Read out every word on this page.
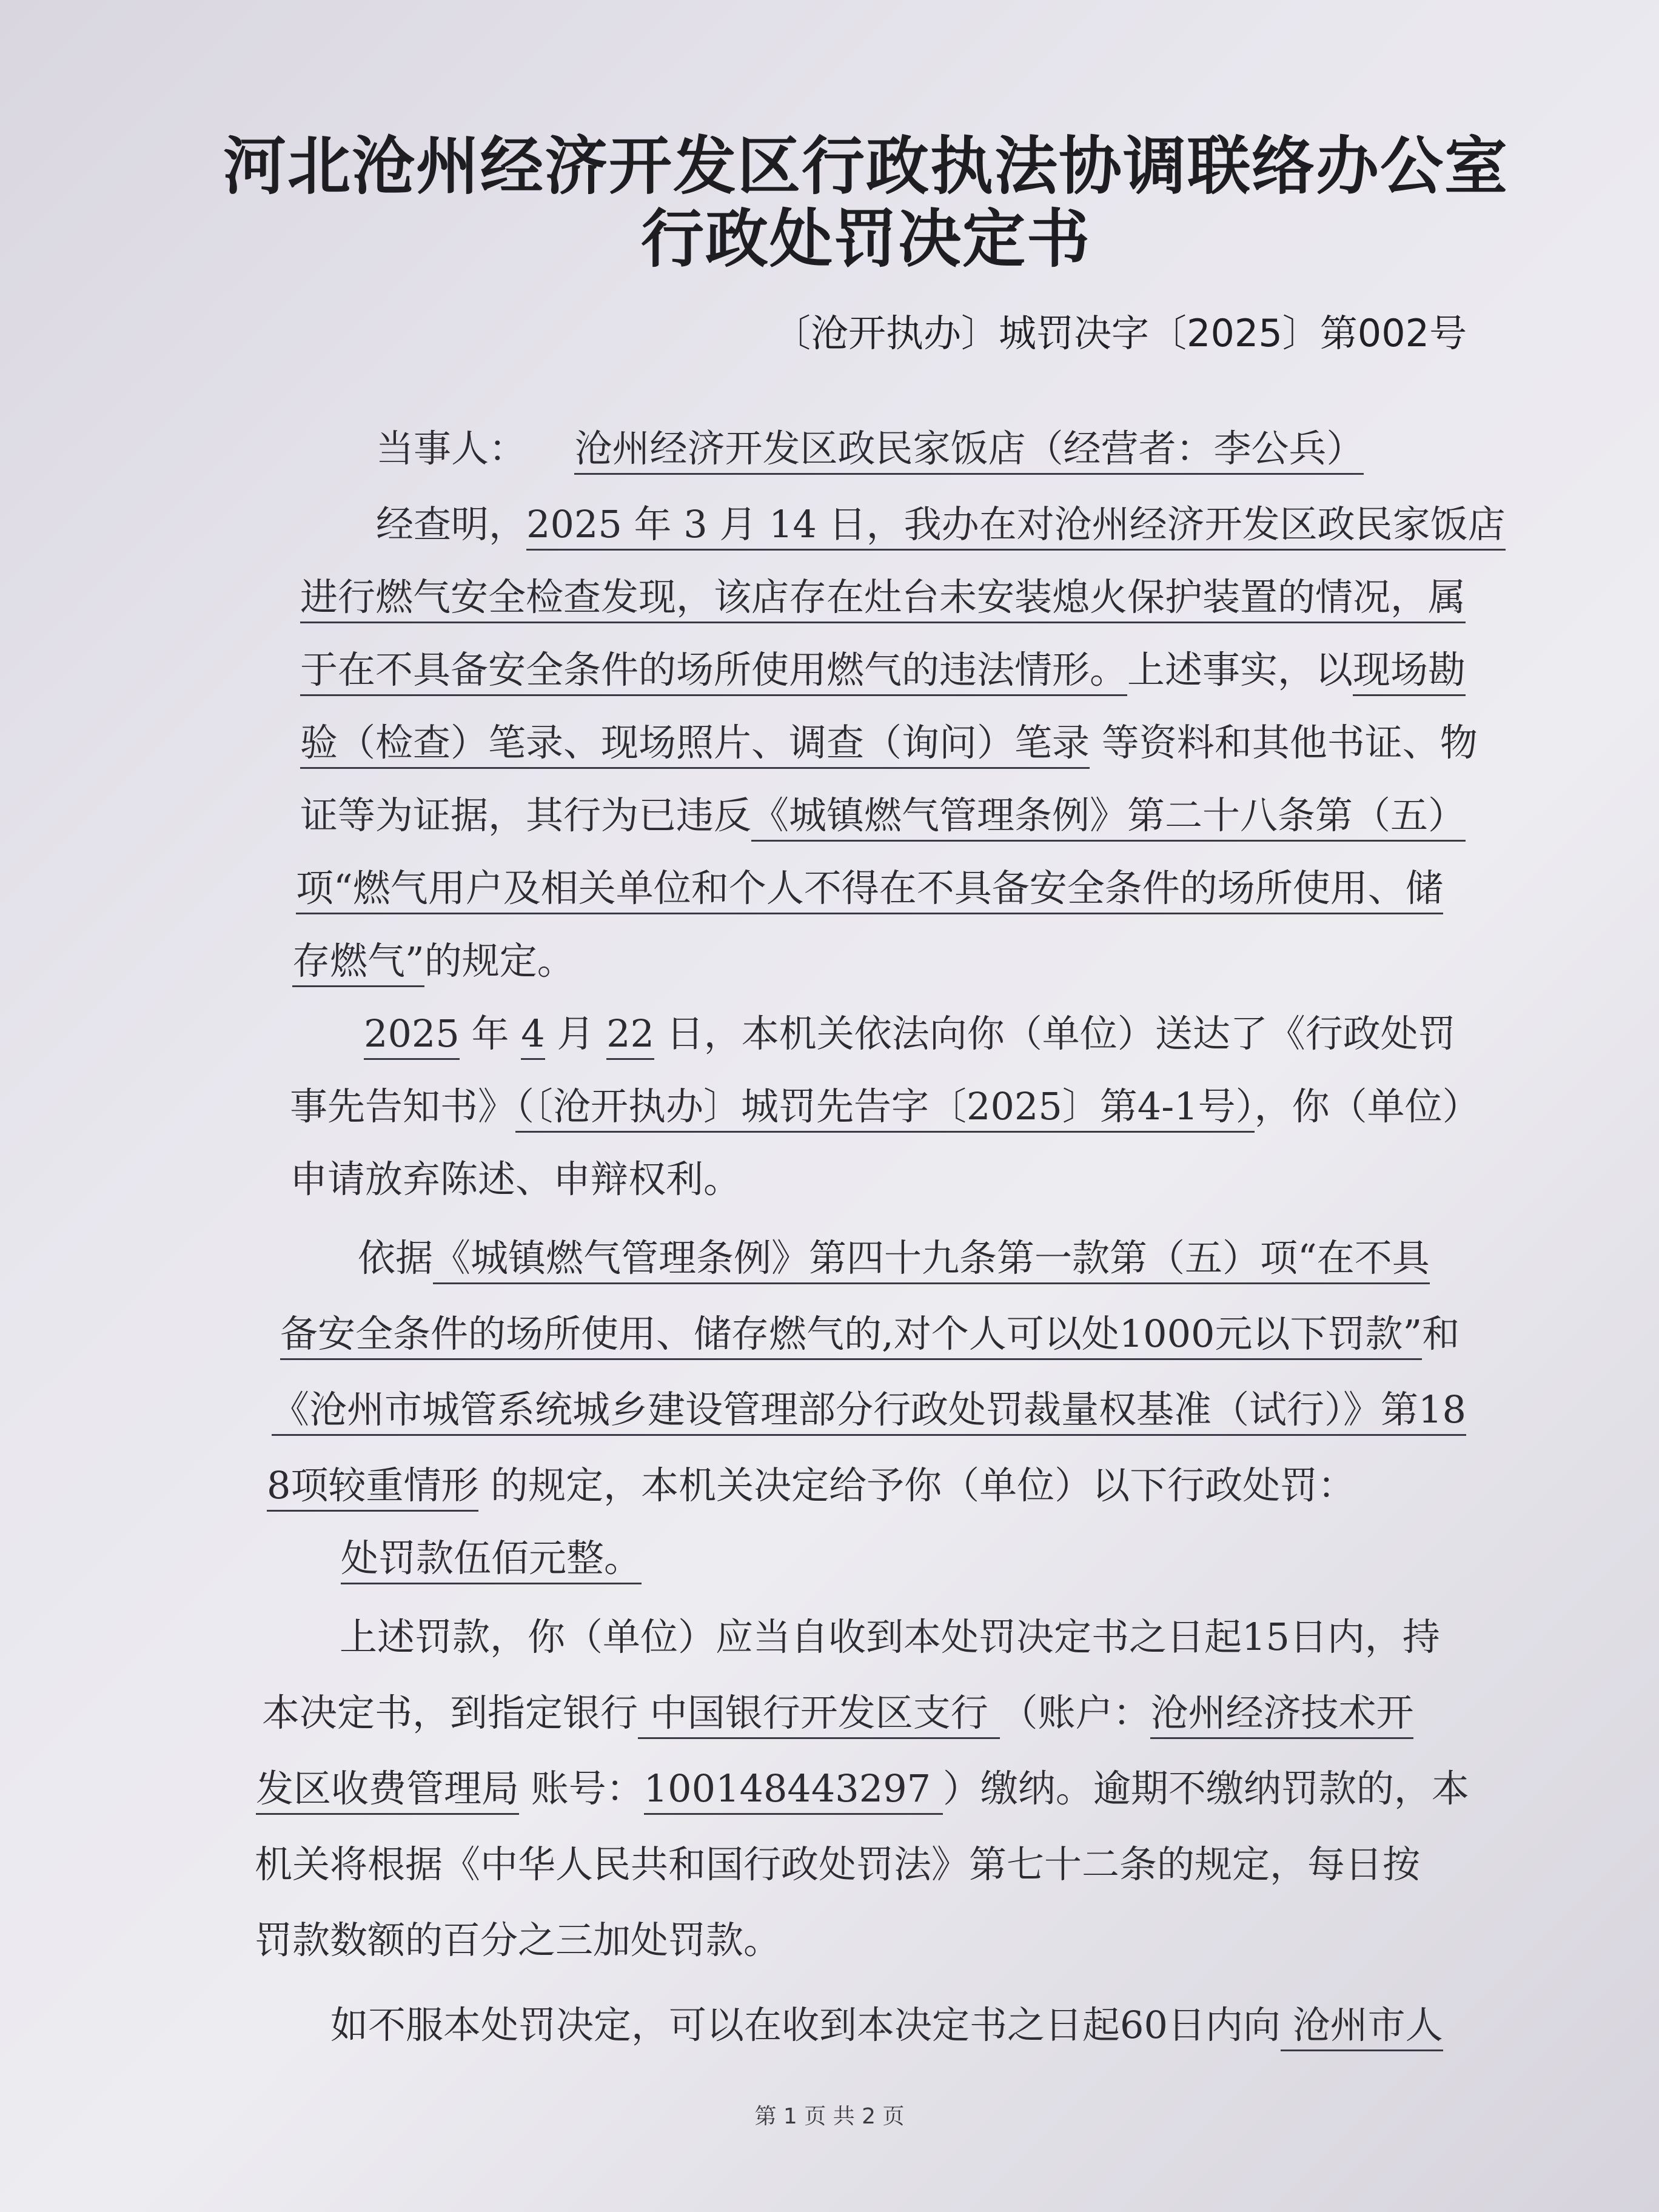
河北沧州经济开发区行政执法协调联络办公室
行政处罚决定书
〔沧开执办〕城罚决字〔2025〕第002号
当事人： 沧州经济开发区政民家饭店（经营者：李公兵）
经查明，2025 年 3 月 14 日，我办在对沧州经济开发区政民家饭店
进行燃气安全检查发现，该店存在灶台未安装熄火保护装置的情况，属
于在不具备安全条件的场所使用燃气的违法情形。上述事实，以现场勘
验（检查）笔录、现场照片、调查（询问）笔录 等资料和其他书证、物
证等为证据，其行为已违反《城镇燃气管理条例》第二十八条第（五）
项“燃气用户及相关单位和个人不得在不具备安全条件的场所使用、储
存燃气”的规定。
2025 年 4 月 22 日，本机关依法向你（单位）送达了《行政处罚
事先告知书》（〔沧开执办〕城罚先告字〔2025〕第4-1号），你（单位）
申请放弃陈述、申辩权利。
依据《城镇燃气管理条例》第四十九条第一款第（五）项“在不具
备安全条件的场所使用、储存燃气的,对个人可以处1000元以下罚款”和
《沧州市城管系统城乡建设管理部分行政处罚裁量权基准（试行）》第18
8项较重情形 的规定，本机关决定给予你（单位）以下行政处罚：
处罚款伍佰元整。
上述罚款，你（单位）应当自收到本处罚决定书之日起15日内，持
本决定书，到指定银行 中国银行开发区支行 （账户：沧州经济技术开
发区收费管理局 账号：100148443297 ）缴纳。逾期不缴纳罚款的，本
机关将根据《中华人民共和国行政处罚法》第七十二条的规定，每日按
罚款数额的百分之三加处罚款。
如不服本处罚决定，可以在收到本决定书之日起60日内向 沧州市人
第 1 页 共 2 页
